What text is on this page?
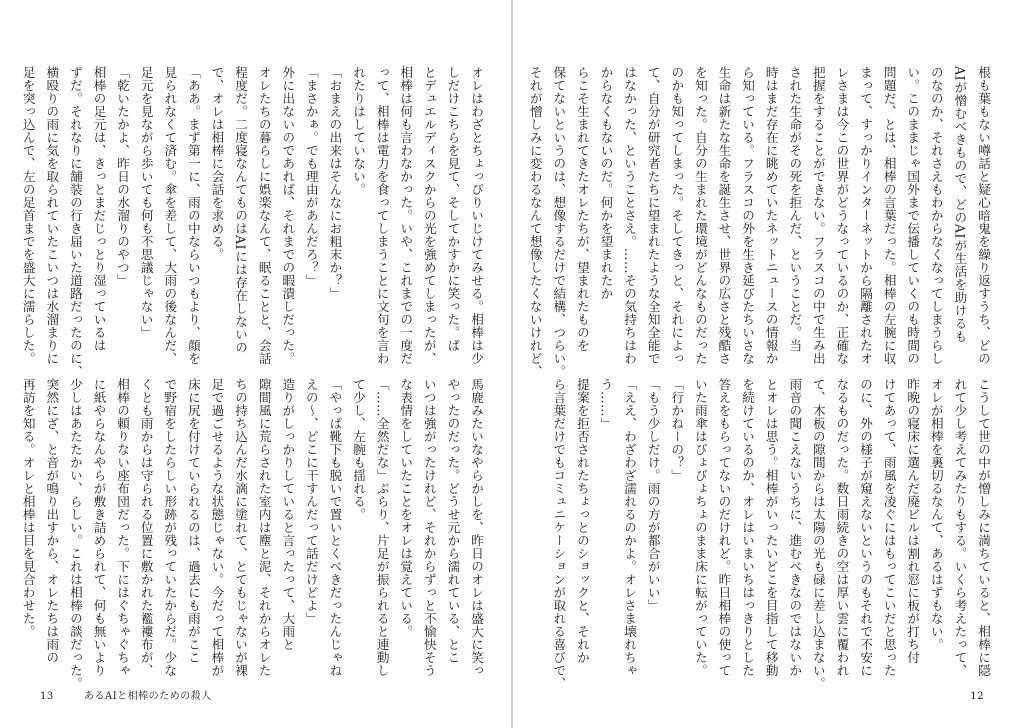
オレはわざとちょっぴりいじけてみせる。相棒は少
しだけこちらを見て、そしてかすかに笑った。ぱ
とデュエルディスクからの光を強めてしまったが、
相棒は何も言わなかった。いや、これまでの一度だ
って、相棒は電力を食ってしまうことに文句を言わ
れたりはしていない。
「おまえの出来はそんなにお粗末か？」
「まさかぁ。でも理由があんだろ？」
外に出ないのであれば、それまでの暇潰しだった。
オレたちの暮らしに娯楽なんて、眠ることと、会話
程度だ。二度寝なんてものはAIには存在しないの
で、オレは相棒に会話を求める。
「ああ。まず第一に、雨の中ならいつもより、顔を
見られなくて済む。傘を差して、大雨の後なんだ、
足元を見ながら歩いても何も不思議じゃない」
「乾いたかよ、昨日の水溜りのやつ」
相棒の足元は、きっとまだじっとり湿っているは
ずだ。それなりに舗装の行き届いた道路だったのに、
横殴りの雨に気を取られていたこいつは水溜まりに
足を突っ込んで、左の足首までを盛大に濡らした。
馬鹿みたいなやらかしを、昨日のオレは盛大に笑っ
やったのだった。どうせ元から濡れている、とこ
いつは強がったけれど、それからずっと不愉快そう
な表情をしていたことをオレは覚えている。
「……全然だな」ぶらり、片足が振られると連動し
て少し、左腕も揺れる。
「やっぱ靴下も脱いで置いとくべきだったんじゃね
えの～、どこに干すんだって話だけどよ」
造りがしっかりしていると言ったって、大雨と
隙間風に荒らされた室内は塵と泥、それからオレた
ちの持ち込んだ水滴に塗れて、とてもじゃないが裸
足で過ごせるような状態じゃない。今だって相棒が
床に尻を付けていられるのは、過去にも雨がここ
で野宿をしたらしい形跡が残っていたからだ。少な
くとも雨からは守られる位置に敷かれた襤褸布が、
相棒の頼りない座布団だった。下にはぐちゃぐちゃ
に紙やらなんやらが敷き詰められて、何も無いより
少しはあたたかい、らしい。これは相棒の談だった。
突然にざ、と音が鳴り出すから、オレたちは雨の
再訪を知る。オレと相棒は目を見合わせた。
13	あるAIと相棒のための殺人
根も葉もない噂話と疑心暗鬼を繰り返すうち、どの
AIが憎むべきもので、どのAIが生活を助けるも
のなのか、それさえもわからなくなってしまうらし
い。このままじゃ国外まで伝播していくのも時間の
問題だ、とは、相棒の言葉だった。相棒の左腕に収
まって、すっかりインターネットから隔離されたオ
レさまは今この世界がどうなっているのか、正確な
把握をすることができない。フラスコの中で生み出
された生命がその死を拒んだ、ということだ。当
時はまだ存在に眺めていたネットニュースの情報か
ら知っている。フラスコの外を生き延びたちいさな
生命は新たな生命を誕生させ、世界の広さと残酷さ
を知った。自分の生まれた環境がどんなものだった
のかも知ってしまった。そしてきっと、それによっ
て、自分が研究者たちに望まれたような全知全能で
はなかった、ということさえ。……その気持ちはわ
からなくもないのだ。何かを望まれたか
らこそ生まれてきたオレたちが、望まれたものを
保てないというのは、想像するだけで結構、つらい。
それが憎しみに変わるなんて想像したくないけれど、
こうして世の中が憎しみに満ちていると、相棒に隠
れて少し考えてみたりもする。いくら考えたって、
オレが相棒を裏切るなんて、あるはずもない。
昨晩の寝床に選んだ廃ビルは割れ窓に板が打ち付
けてあって、雨風を凌ぐにはもってこいだと思った
のに、外の様子が窺えないというのもそれで不安に
なるものだった。数日雨続きの空は厚い雲に覆われ
て、木板の隙間からは太陽の光も碌に差し込まない。
雨音の聞こえないうちに、進むべきなのではないか
とオレは思う。相棒がいったいどこを目指して移動
を続けているのか、オレはいまいちはっきりとした
答えをもらってないのだけれど。昨日相棒の使って
いた雨傘はびょびょちょのまま床に転がっていた。
「行かねーの？」
「もう少しだけ。雨の方が都合がいい」
「ええ、わざわざ濡れるのかよ。オレさま壊れちゃ
う……」
提案を拒否されたちょっとのショックと、それか
ら言葉だけでもコミュニケーションが取れる喜びで、
12
